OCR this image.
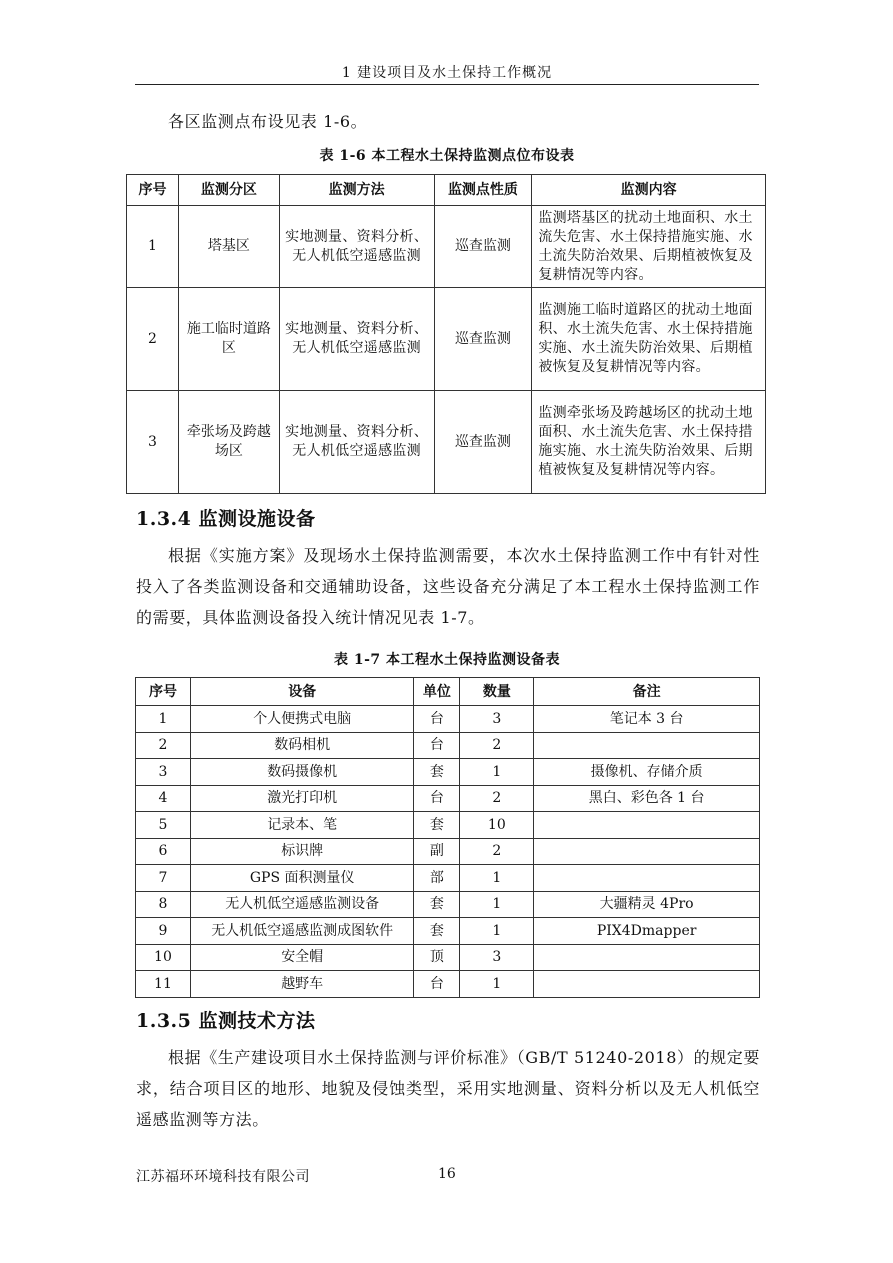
1 建设项目及水土保持工作概况
各区监测点布设见表 1-6。
表 1-6 本工程水土保持监测点位布设表
序号	监测分区	监测方法	监测点性质	监测内容
1	塔基区	实地测量、资料分析、无人机低空遥感监测	巡查监测	监测塔基区的扰动土地面积、水土流失危害、水土保持措施实施、水土流失防治效果、后期植被恢复及复耕情况等内容。
2	施工临时道路区	实地测量、资料分析、无人机低空遥感监测	巡查监测	监测施工临时道路区的扰动土地面积、水土流失危害、水土保持措施实施、水土流失防治效果、后期植被恢复及复耕情况等内容。
3	牵张场及跨越场区	实地测量、资料分析、无人机低空遥感监测	巡查监测	监测牵张场及跨越场区的扰动土地面积、水土流失危害、水土保持措施实施、水土流失防治效果、后期植被恢复及复耕情况等内容。
1.3.4 监测设施设备
根据《实施方案》及现场水土保持监测需要，本次水土保持监测工作中有针对性投入了各类监测设备和交通辅助设备，这些设备充分满足了本工程水土保持监测工作的需要，具体监测设备投入统计情况见表 1-7。
表 1-7 本工程水土保持监测设备表
序号	设备	单位	数量	备注
1	个人便携式电脑	台	3	笔记本 3 台
2	数码相机	台	2	
3	数码摄像机	套	1	摄像机、存储介质
4	激光打印机	台	2	黑白、彩色各 1 台
5	记录本、笔	套	10	
6	标识牌	副	2	
7	GPS 面积测量仪	部	1	
8	无人机低空遥感监测设备	套	1	大疆精灵 4Pro
9	无人机低空遥感监测成图软件	套	1	PIX4Dmapper
10	安全帽	顶	3	
11	越野车	台	1	
1.3.5 监测技术方法
根据《生产建设项目水土保持监测与评价标准》（GB/T 51240-2018）的规定要求，结合项目区的地形、地貌及侵蚀类型，采用实地测量、资料分析以及无人机低空遥感监测等方法。
江苏福环环境科技有限公司	16
